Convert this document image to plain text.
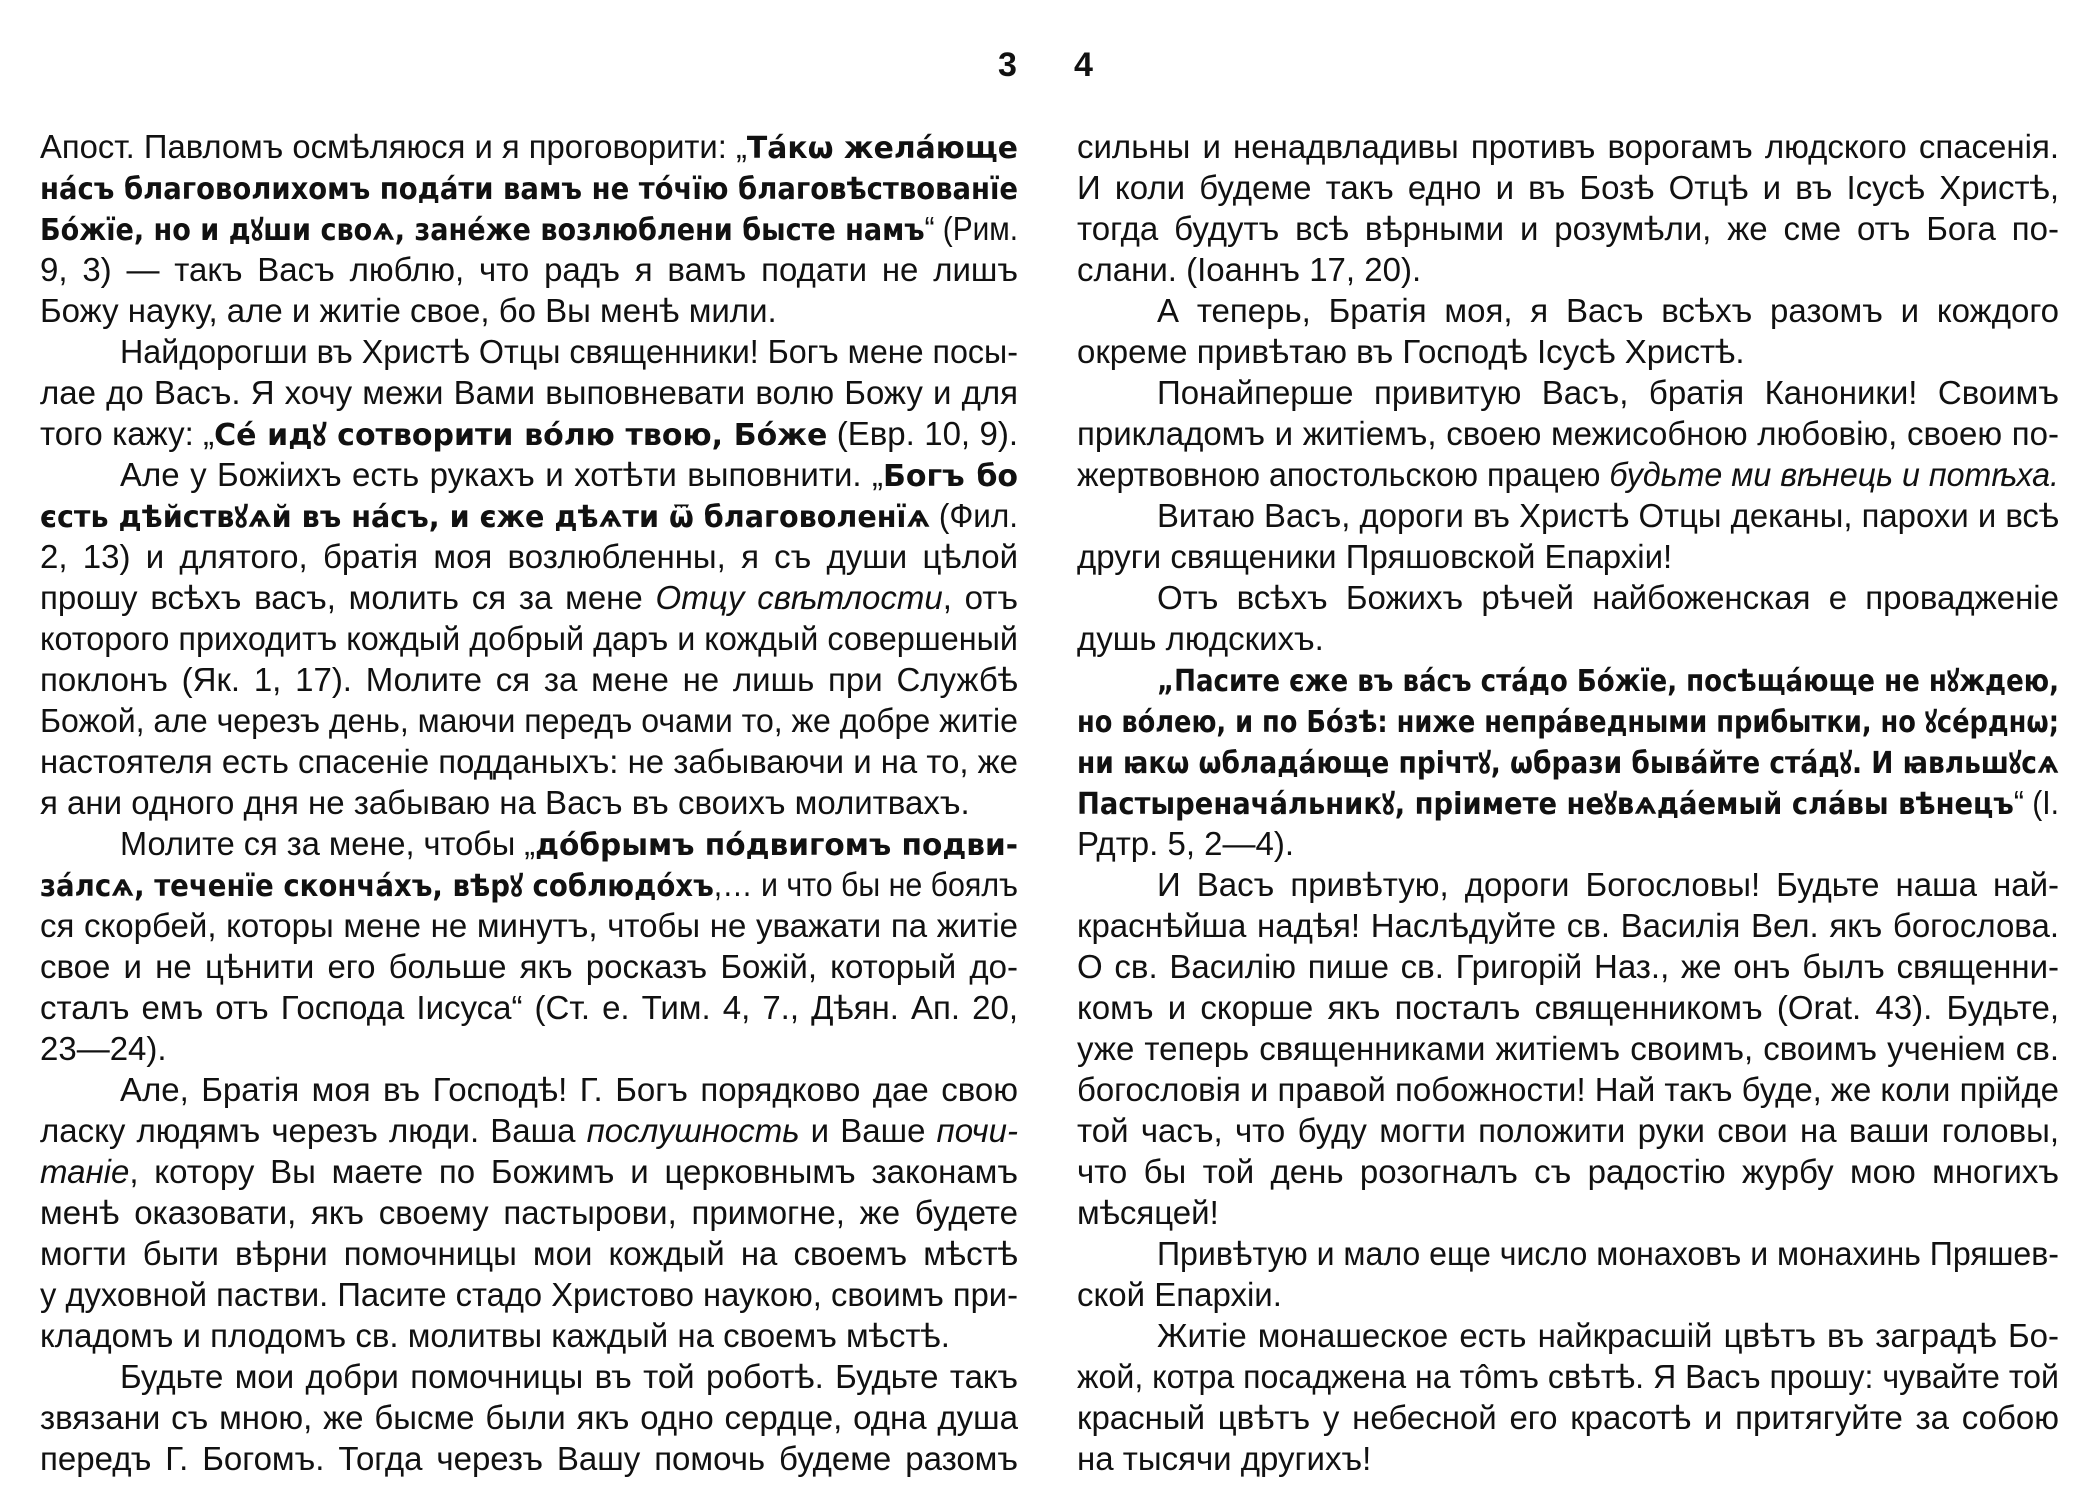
3 4
Апост. Павломъ осмѣляюся и я проговорити: „Тáкѡ желáюще
нáсъ благоволихомъ подáти вамъ не тóчїю благовѣствованїе
Бóжїе, но и дꙋши своѧ, занéже возлюблени бысте намъ“ (Рим.
9, 3) — такъ Васъ люблю, что радъ я вамъ подати не лишъ
Божу науку, але и житіе свое, бо Вы менѣ мили.
Найдорогши въ Христѣ Отцы священники! Богъ мене посы-
лае до Васъ. Я хочу межи Вами выповневати волю Божу и для
того кажу: „Сé идꙋ сотворити вóлю твою, Бóже (Евр. 10, 9).
Але у Божіихъ есть рукахъ и хотѣти выповнити. „Богъ бо
єсть дѣйствꙋѧй въ нáсъ, и єже дѣѧти ѿ благоволенїѧ (Фил.
2, 13) и длятого, братія моя возлюбленны, я съ души цѣлой
прошу всѣхъ васъ, молить ся за мене Отцу свѣтлости, отъ
которого приходитъ кождый добрый даръ и кождый совершеный
поклонъ (Як. 1, 17). Молите ся за мене не лишь при Службѣ
Божой, але черезъ день, маючи передъ очами то, же добре житіе
настоятеля есть спасеніе подданыхъ: не забываючи и на то, же
я ани одного дня не забываю на Васъ въ своихъ молитвахъ.
Молите ся за мене, чтобы „дóбрымъ пóдвигомъ подви-
зáлсѧ, теченїе скончáхъ, вѣрꙋ соблюдóхъ,… и что бы не боялъ
ся скорбей, которы мене не минутъ, чтобы не уважати па житіе
свое и не цѣнити его больше якъ росказъ Божій, который до-
сталъ емъ отъ Господа Іисуса“ (Ст. е. Тим. 4, 7., Дѣян. Ап. 20,
23—24).
Але, Братія моя въ Господѣ! Г. Богъ порядково дае свою
ласку людямъ черезъ люди. Ваша послушность и Ваше почи-
таніе, котору Вы маете по Божимъ и церковнымъ законамъ
менѣ оказовати, якъ своему пастырови, примогне, же будете
могти быти вѣрни помочницы мои кождый на своемъ мѣстѣ
у духовной пастви. Пасите стадо Христово наукою, своимъ при-
кладомъ и плодомъ св. молитвы каждый на своемъ мѣстѣ.
Будьте мои добри помочницы въ той роботѣ. Будьте такъ
звязани съ мною, же бысме были якъ одно сердце, одна душа
передъ Г. Богомъ. Тогда черезъ Вашу помочь будеме разомъ
сильны и ненадвладивы противъ ворогамъ людского спасенія.
И коли будеме такъ едно и въ Бозѣ Отцѣ и въ Ісусѣ Христѣ,
тогда будутъ всѣ вѣрными и розумѣли, же сме отъ Бога по-
слани. (Іоаннъ 17, 20).
А теперь, Братія моя, я Васъ всѣхъ разомъ и кождого
окреме привѣтаю въ Господѣ Ісусѣ Христѣ.
Понайперше привитую Васъ, братія Каноники! Своимъ
прикладомъ и житіемъ, своею межисобною любовію, своею по-
жертвовною апостольскою працею будьте ми вѣнець и потѣха.
Витаю Васъ, дороги въ Христѣ Отцы деканы, парохи и всѣ
други священики Пряшовской Епархіи!
Отъ всѣхъ Божихъ рѣчей найбоженская е провадженіе
душь людскихъ.
„Пасите єже въ вáсъ стáдо Бóжїе, посѣщáюще не нꙋждею,
но вóлею, и по Бóзѣ: ниже непрáведными прибытки, но ꙋсéрднѡ;
ни ꙗкѡ ѡбладáюще прічтꙋ, ѡбрази бывáйте стáдꙋ. И ꙗвльшꙋсѧ
Пастыреначáльникꙋ, пріимете неꙋвѧдáемый слáвы вѣнецъ“ (I.
Рдтр. 5, 2—4).
И Васъ привѣтую, дороги Богословы! Будьте наша най-
краснѣйша надѣя! Наслѣдуйте св. Василія Вел. якъ богослова.
О св. Василію пише св. Григорій Наз., же онъ былъ священни-
комъ и скорше якъ посталъ священникомъ (Orat. 43). Будьте,
уже теперь священниками житіемъ своимъ, своимъ ученіем св.
богословія и правой побожности! Най такъ буде, же коли прійде
той часъ, что буду могти положити руки свои на ваши головы,
что бы той день розогналъ съ радостію журбу мою многихъ
мѣсяцей!
Привѣтую и мало еще число монаховъ и монахинь Пряшев-
ской Епархіи.
Житіе монашеское есть найкрасшій цвѣтъ въ заградѣ Бо-
жой, котра посаджена на тômъ свѣтѣ. Я Васъ прошу: чувайте той
красный цвѣтъ у небесной его красотѣ и притягуйте за собою
на тысячи другихъ!
